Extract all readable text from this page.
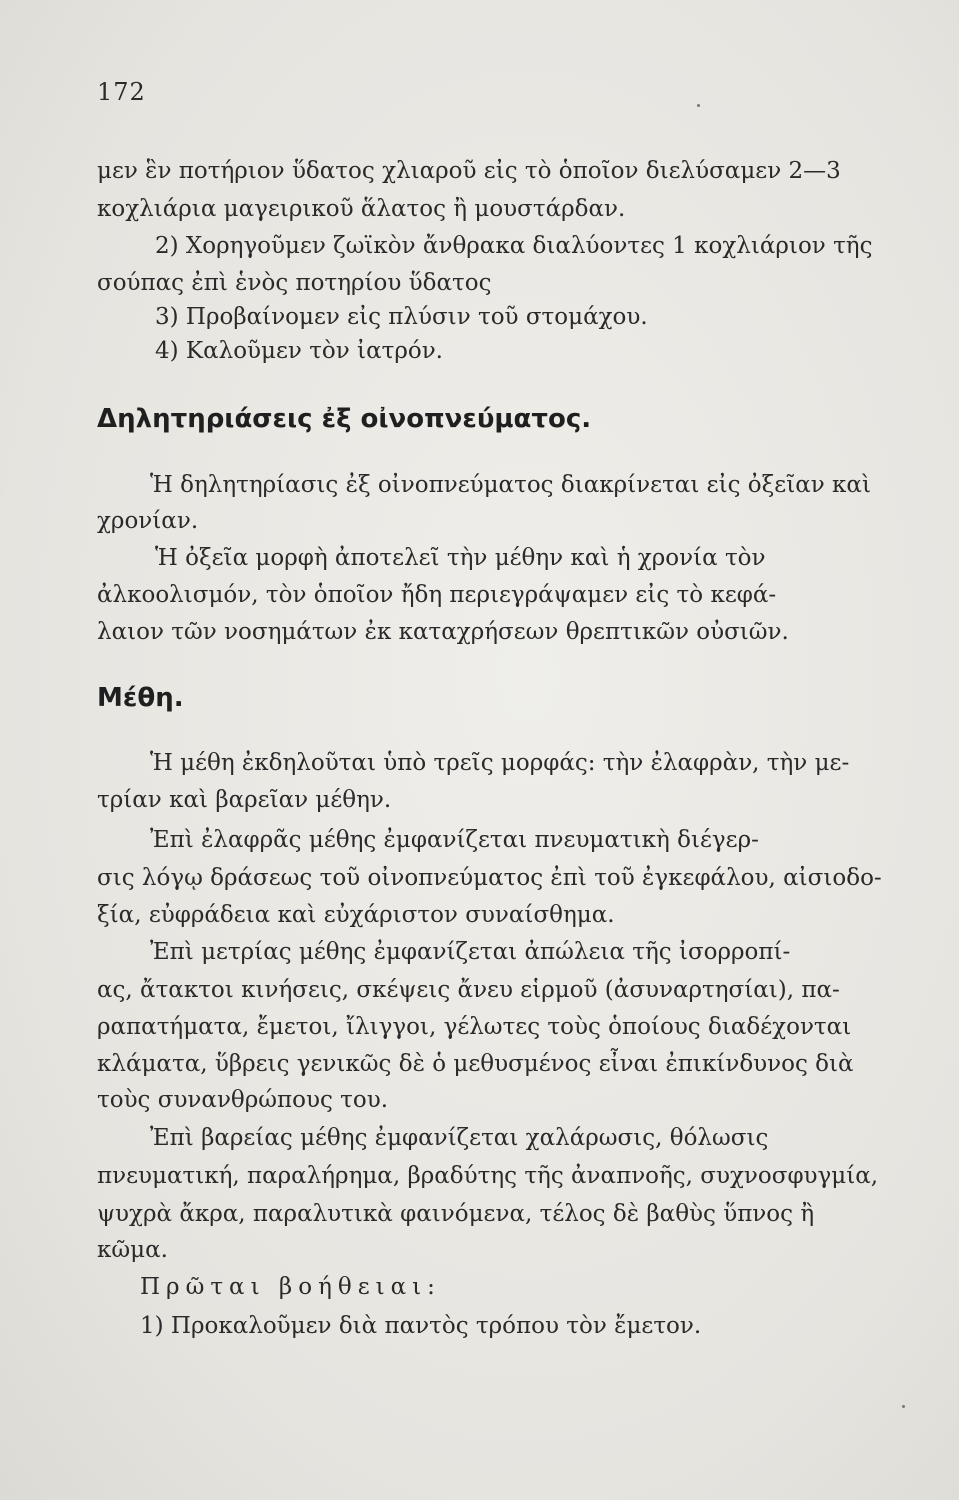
172
μεν ἓν ποτήριον ὕδατος χλιαροῦ εἰς τὸ ὁποῖον διελύσαμεν 2—3
κοχλιάρια μαγειρικοῦ ἅλατος ἢ μουστάρδαν.
2) Χορηγοῦμεν ζωϊκὸν ἄνθρακα διαλύοντες 1 κοχλιάριον τῆς
σούπας ἐπὶ ἑνὸς ποτηρίου ὕδατος
3) Προβαίνομεν εἰς πλύσιν τοῦ στομάχου.
4) Καλοῦμεν τὸν ἰατρόν.
Δηλητηριάσεις ἐξ οἰνοπνεύματος.
Ἡ δηλητηρίασις ἐξ οἰνοπνεύματος διακρίνεται εἰς ὀξεῖαν καὶ
χρονίαν.
Ἡ ὀξεῖα μορφὴ ἀποτελεῖ τὴν μέθην καὶ ἡ χρονία τὸν
ἀλκοολισμόν, τὸν ὁποῖον ἤδη περιεγράψαμεν εἰς τὸ κεφά-
λαιον τῶν νοσημάτων ἐκ καταχρήσεων θρεπτικῶν οὐσιῶν.
Μέθη.
Ἡ μέθη ἐκδηλοῦται ὑπὸ τρεῖς μορφάς: τὴν ἐλαφρὰν, τὴν με-
τρίαν καὶ βαρεῖαν μέθην.
Ἐπὶ ἐλαφρᾶς μέθης ἐμφανίζεται πνευματικὴ διέγερ-
σις λόγῳ δράσεως τοῦ οἰνοπνεύματος ἐπὶ τοῦ ἐγκεφάλου, αἰσιοδο-
ξία, εὐφράδεια καὶ εὐχάριστον συναίσθημα.
Ἐπὶ μετρίας μέθης ἐμφανίζεται ἀπώλεια τῆς ἰσορροπί-
ας, ἄτακτοι κινήσεις, σκέψεις ἄνευ εἱρμοῦ (ἀσυναρτησίαι), πα-
ραπατήματα, ἔμετοι, ἴλιγγοι, γέλωτες τοὺς ὁποίους διαδέχονται
κλάματα, ὕβρεις γενικῶς δὲ ὁ μεθυσμένος εἶναι ἐπικίνδυνος διὰ
τοὺς συνανθρώπους του.
Ἐπὶ βαρείας μέθης ἐμφανίζεται χαλάρωσις, θόλωσις
πνευματική, παραλήρημα, βραδύτης τῆς ἀναπνοῆς, συχνοσφυγμία,
ψυχρὰ ἄκρα, παραλυτικὰ φαινόμενα, τέλος δὲ βαθὺς ὕπνος ἢ
κῶμα.
Πρῶται βοήθειαι:
1) Προκαλοῦμεν διὰ παντὸς τρόπου τὸν ἔμετον.
